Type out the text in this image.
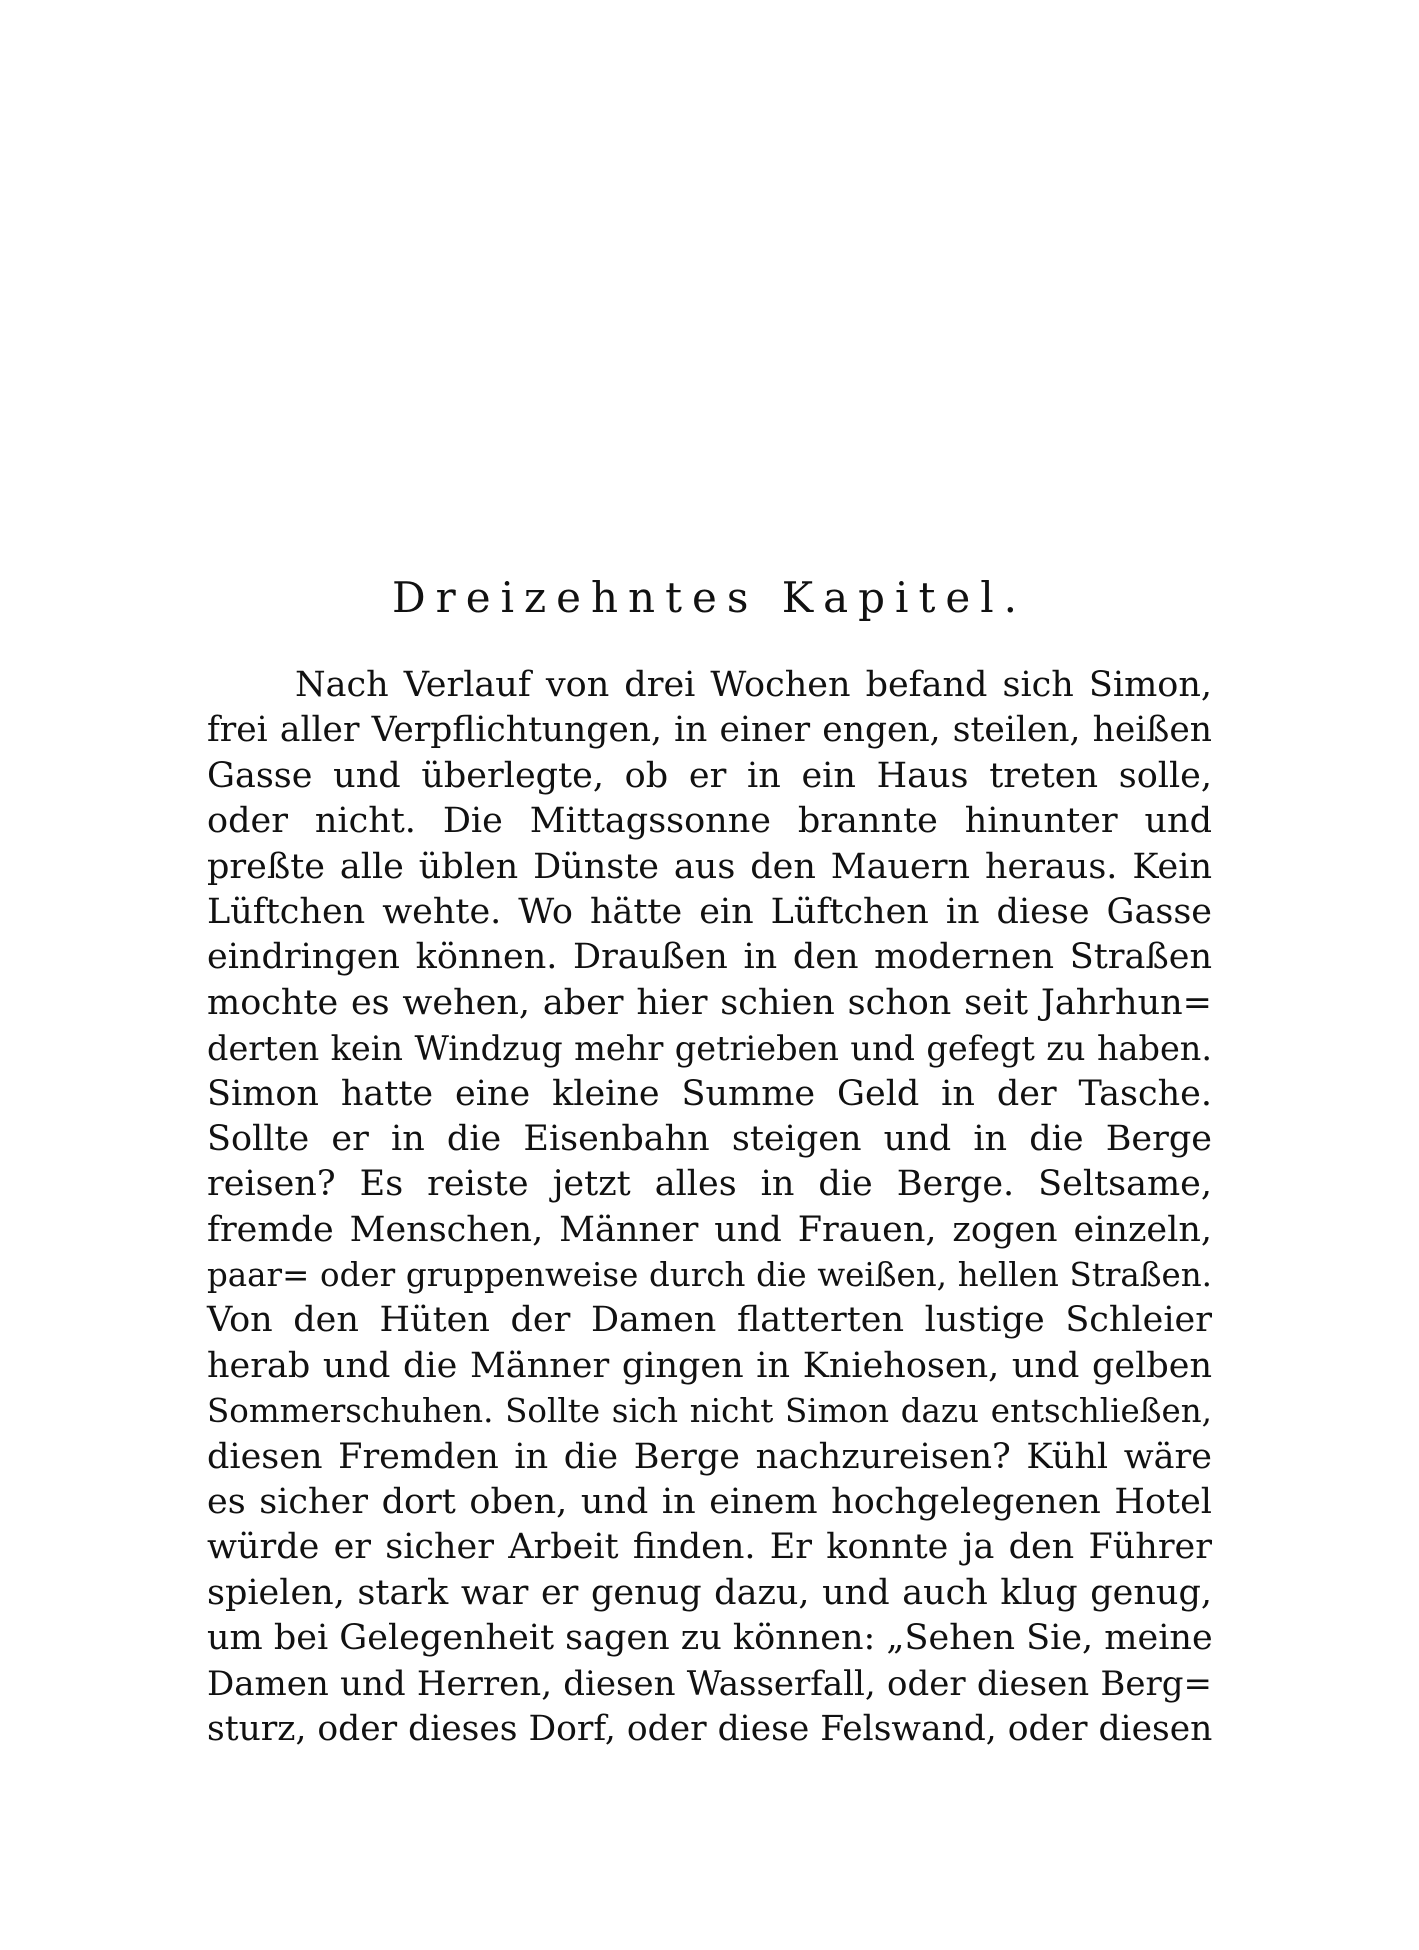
Dreizehntes Kapitel.
Nach Verlauf von drei Wochen befand sich Simon,
frei aller Verpflichtungen, in einer engen, steilen, heißen
Gasse und überlegte, ob er in ein Haus treten solle,
oder nicht. Die Mittagssonne brannte hinunter und
preßte alle üblen Dünste aus den Mauern heraus. Kein
Lüftchen wehte. Wo hätte ein Lüftchen in diese Gasse
eindringen können. Draußen in den modernen Straßen
mochte es wehen, aber hier schien schon seit Jahrhun=
derten kein Windzug mehr getrieben und gefegt zu haben.
Simon hatte eine kleine Summe Geld in der Tasche.
Sollte er in die Eisenbahn steigen und in die Berge
reisen? Es reiste jetzt alles in die Berge. Seltsame,
fremde Menschen, Männer und Frauen, zogen einzeln,
paar= oder gruppenweise durch die weißen, hellen Straßen.
Von den Hüten der Damen flatterten lustige Schleier
herab und die Männer gingen in Kniehosen, und gelben
Sommerschuhen. Sollte sich nicht Simon dazu entschließen,
diesen Fremden in die Berge nachzureisen? Kühl wäre
es sicher dort oben, und in einem hochgelegenen Hotel
würde er sicher Arbeit finden. Er konnte ja den Führer
spielen, stark war er genug dazu, und auch klug genug,
um bei Gelegenheit sagen zu können: „Sehen Sie, meine
Damen und Herren, diesen Wasserfall, oder diesen Berg=
sturz, oder dieses Dorf, oder diese Felswand, oder diesen
